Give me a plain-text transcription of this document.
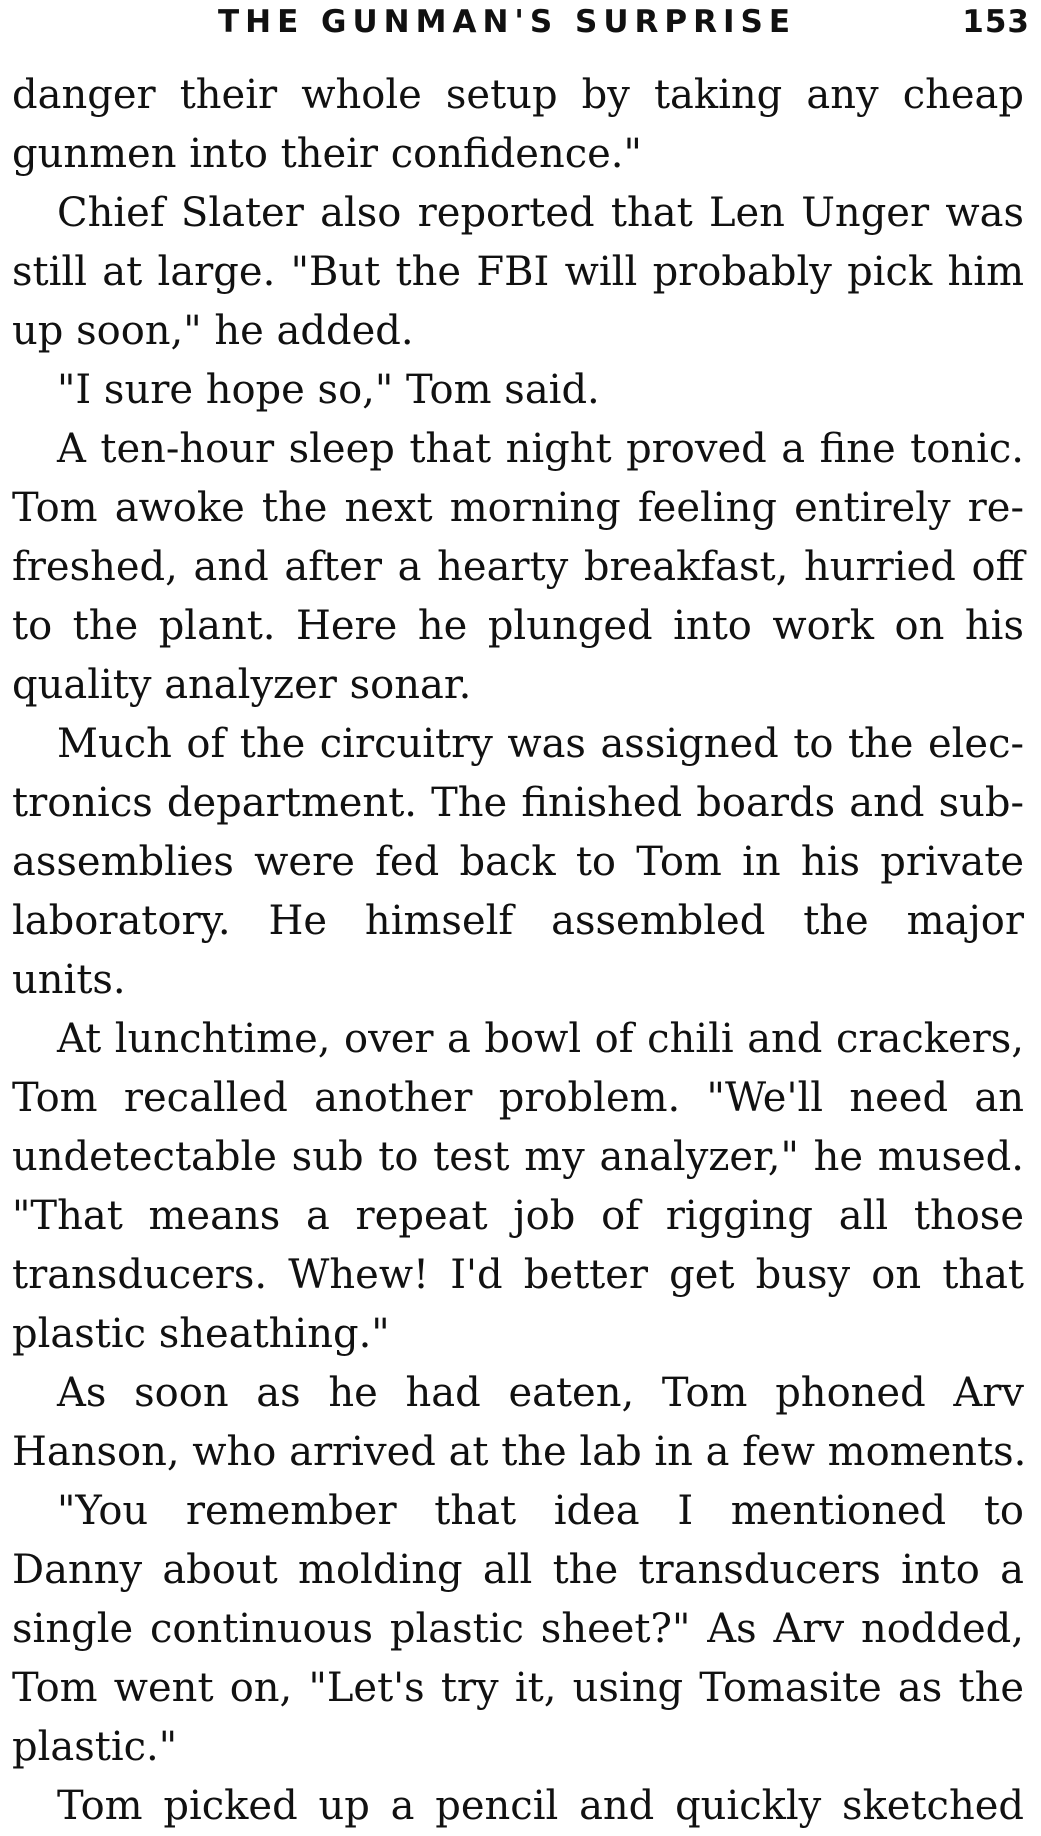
THE GUNMAN'S SURPRISE	153
danger their whole setup by taking any cheap
gunmen into their confidence."
Chief Slater also reported that Len Unger was
still at large. "But the FBI will probably pick him
up soon," he added.
"I sure hope so," Tom said.
A ten-hour sleep that night proved a fine tonic.
Tom awoke the next morning feeling entirely re-
freshed, and after a hearty breakfast, hurried off
to the plant. Here he plunged into work on his
quality analyzer sonar.
Much of the circuitry was assigned to the elec-
tronics department. The finished boards and sub-
assemblies were fed back to Tom in his private
laboratory. He himself assembled the major
units.
At lunchtime, over a bowl of chili and crackers,
Tom recalled another problem. "We'll need an
undetectable sub to test my analyzer," he mused.
"That means a repeat job of rigging all those
transducers. Whew! I'd better get busy on that
plastic sheathing."
As soon as he had eaten, Tom phoned Arv
Hanson, who arrived at the lab in a few moments.
"You remember that idea I mentioned to
Danny about molding all the transducers into a
single continuous plastic sheet?" As Arv nodded,
Tom went on, "Let's try it, using Tomasite as the
plastic."
Tom picked up a pencil and quickly sketched
